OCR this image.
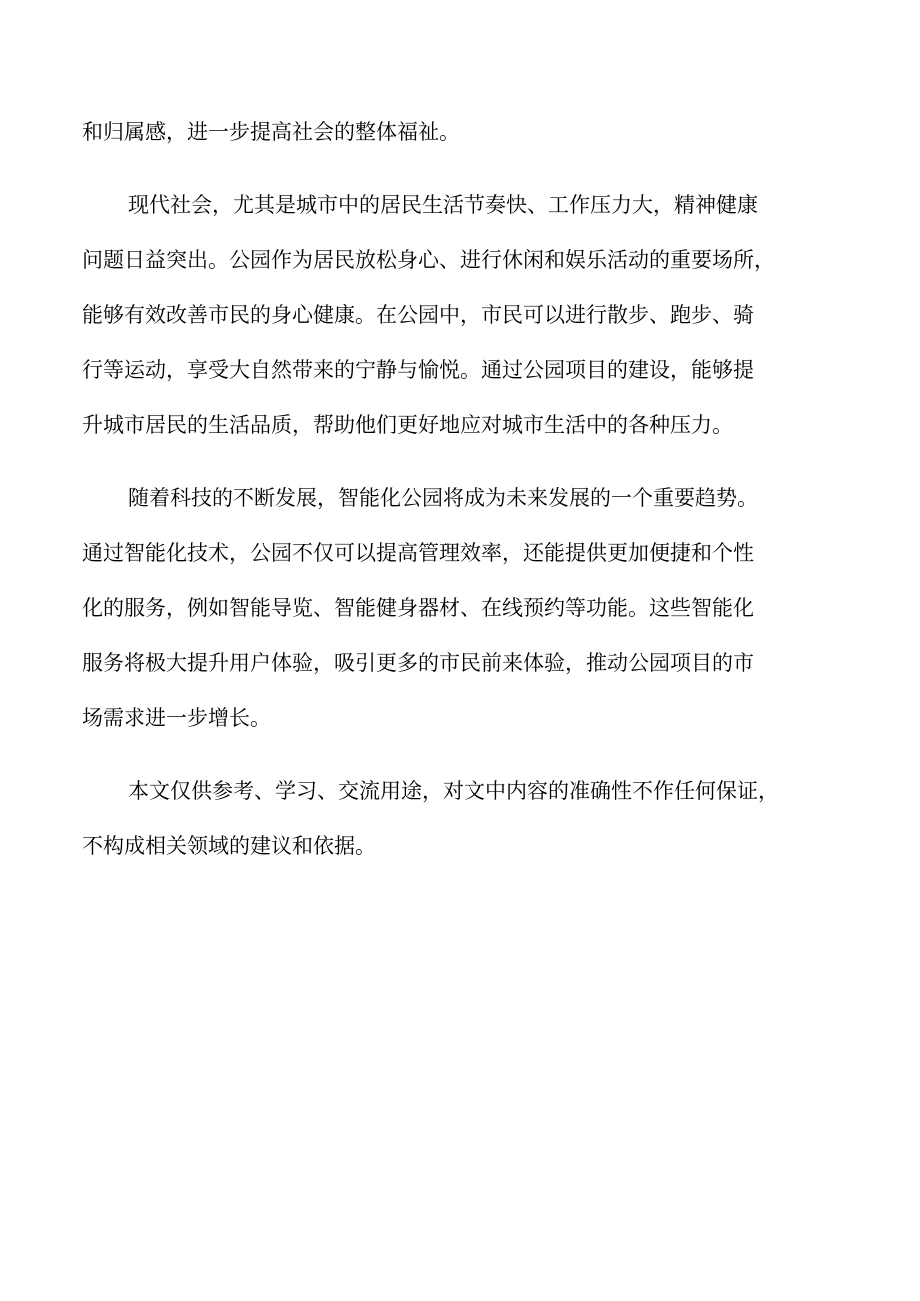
和归属感，进一步提高社会的整体福祉。
现代社会，尤其是城市中的居民生活节奏快、工作压力大，精神健康
问题日益突出。公园作为居民放松身心、进行休闲和娱乐活动的重要场所，
能够有效改善市民的身心健康。在公园中，市民可以进行散步、跑步、骑
行等运动，享受大自然带来的宁静与愉悦。通过公园项目的建设，能够提
升城市居民的生活品质，帮助他们更好地应对城市生活中的各种压力。
随着科技的不断发展，智能化公园将成为未来发展的一个重要趋势。
通过智能化技术，公园不仅可以提高管理效率，还能提供更加便捷和个性
化的服务，例如智能导览、智能健身器材、在线预约等功能。这些智能化
服务将极大提升用户体验，吸引更多的市民前来体验，推动公园项目的市
场需求进一步增长。
本文仅供参考、学习、交流用途，对文中内容的准确性不作任何保证，
不构成相关领域的建议和依据。
